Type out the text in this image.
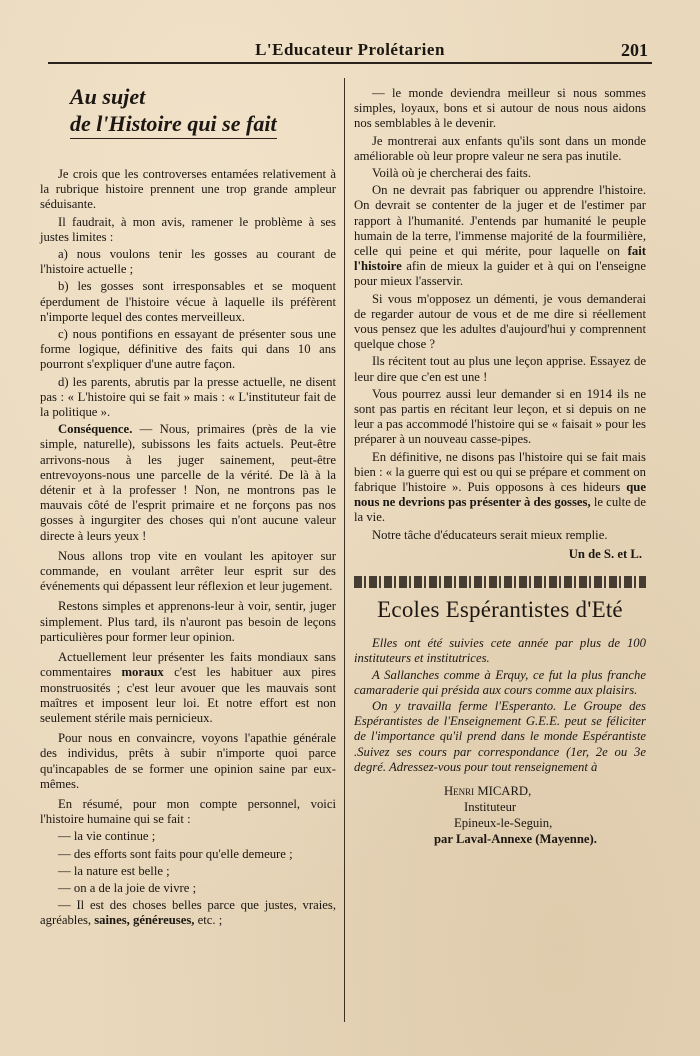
L'Educateur Prolétarien	201
Au sujet
de l'Histoire qui se fait

Je crois que les controverses entamées relativement à la rubrique histoire prennent une trop grande ampleur séduisante.

Il faudrait, à mon avis, ramener le problème à ses justes limites :

a) nous voulons tenir les gosses au courant de l'histoire actuelle ;

b) les gosses sont irresponsables et se moquent éperdument de l'histoire vécue à laquelle ils préfèrent n'importe lequel des contes merveilleux.

c) nous pontifions en essayant de présenter sous une forme logique, définitive des faits qui dans 10 ans pourront s'expliquer d'une autre façon.

d) les parents, abrutis par la presse actuelle, ne disent pas : « L'histoire qui se fait » mais : « L'instituteur fait de la politique ».

Conséquence. — Nous, primaires (près de la vie simple, naturelle), subissons les faits actuels. Peut-être arrivons-nous à les juger sainement, peut-être entrevoyons-nous une parcelle de la vérité. De là à la détenir et à la professer ! Non, ne montrons pas le mauvais côté de l'esprit primaire et ne forçons pas nos gosses à ingurgiter des choses qui n'ont aucune valeur directe à leurs yeux !

Nous allons trop vite en voulant les apitoyer sur commande, en voulant arrêter leur esprit sur des événements qui dépassent leur réflexion et leur jugement.

Restons simples et apprenons-leur à voir, sentir, juger simplement. Plus tard, ils n'auront pas besoin de leçons particulières pour former leur opinion.

Actuellement leur présenter les faits mondiaux sans commentaires moraux c'est les habituer aux pires monstruosités ; c'est leur avouer que les mauvais sont maîtres et imposent leur loi. Et notre effort est non seulement stérile mais pernicieux.

Pour nous en convaincre, voyons l'apathie générale des individus, prêts à subir n'importe quoi parce qu'incapables de se former une opinion saine par eux-mêmes.

En résumé, pour mon compte personnel, voici l'histoire humaine qui se fait :

— la vie continue ;

— des efforts sont faits pour qu'elle demeure ;

— la nature est belle ;

— on a de la joie de vivre ;

— Il est des choses belles parce que justes, vraies, agréables, saines, généreuses, etc. ;

— le monde deviendra meilleur si nous sommes simples, loyaux, bons et si autour de nous nous aidons nos semblables à le devenir.

Je montrerai aux enfants qu'ils sont dans un monde améliorable où leur propre valeur ne sera pas inutile.

Voilà où je chercherai des faits.

On ne devrait pas fabriquer ou apprendre l'histoire. On devrait se contenter de la juger et de l'estimer par rapport à l'humanité. J'entends par humanité le peuple humain de la terre, l'immense majorité de la fourmilière, celle qui peine et qui mérite, pour laquelle on fait l'histoire afin de mieux la guider et à qui on l'enseigne pour mieux l'asservir.

Si vous m'opposez un démenti, je vous demanderai de regarder autour de vous et de me dire si réellement vous pensez que les adultes d'aujourd'hui y comprennent quelque chose ?

Ils récitent tout au plus une leçon apprise. Essayez de leur dire que c'en est une !

Vous pourrez aussi leur demander si en 1914 ils ne sont pas partis en récitant leur leçon, et si depuis on ne leur a pas accommodé l'histoire qui se « faisait » pour les préparer à un nouveau casse-pipes.

En définitive, ne disons pas l'histoire qui se fait mais bien : « la guerre qui est ou qui se prépare et comment on fabrique l'histoire ». Puis opposons à ces hideurs que nous ne devrions pas présenter à des gosses, le culte de la vie.

Notre tâche d'éducateurs serait mieux remplie.

Un de S. et L.
Ecoles Espérantistes d'Eté

Elles ont été suivies cete année par plus de 100 instituteurs et institutrices.

A Sallanches comme à Erquy, ce fut la plus franche camaraderie qui présida aux cours comme aux plaisirs.

On y travailla ferme l'Esperanto. Le Groupe des Espérantistes de l'Enseignement G.E.E. peut se féliciter de l'importance qu'il prend dans le monde Espérantiste .Suivez ses cours par correspondance (1er, 2e ou 3e degré. Adressez-vous pour tout renseignement à

Henri MICARD,
Instituteur
Epineux-le-Seguin,
par Laval-Annexe (Mayenne).
